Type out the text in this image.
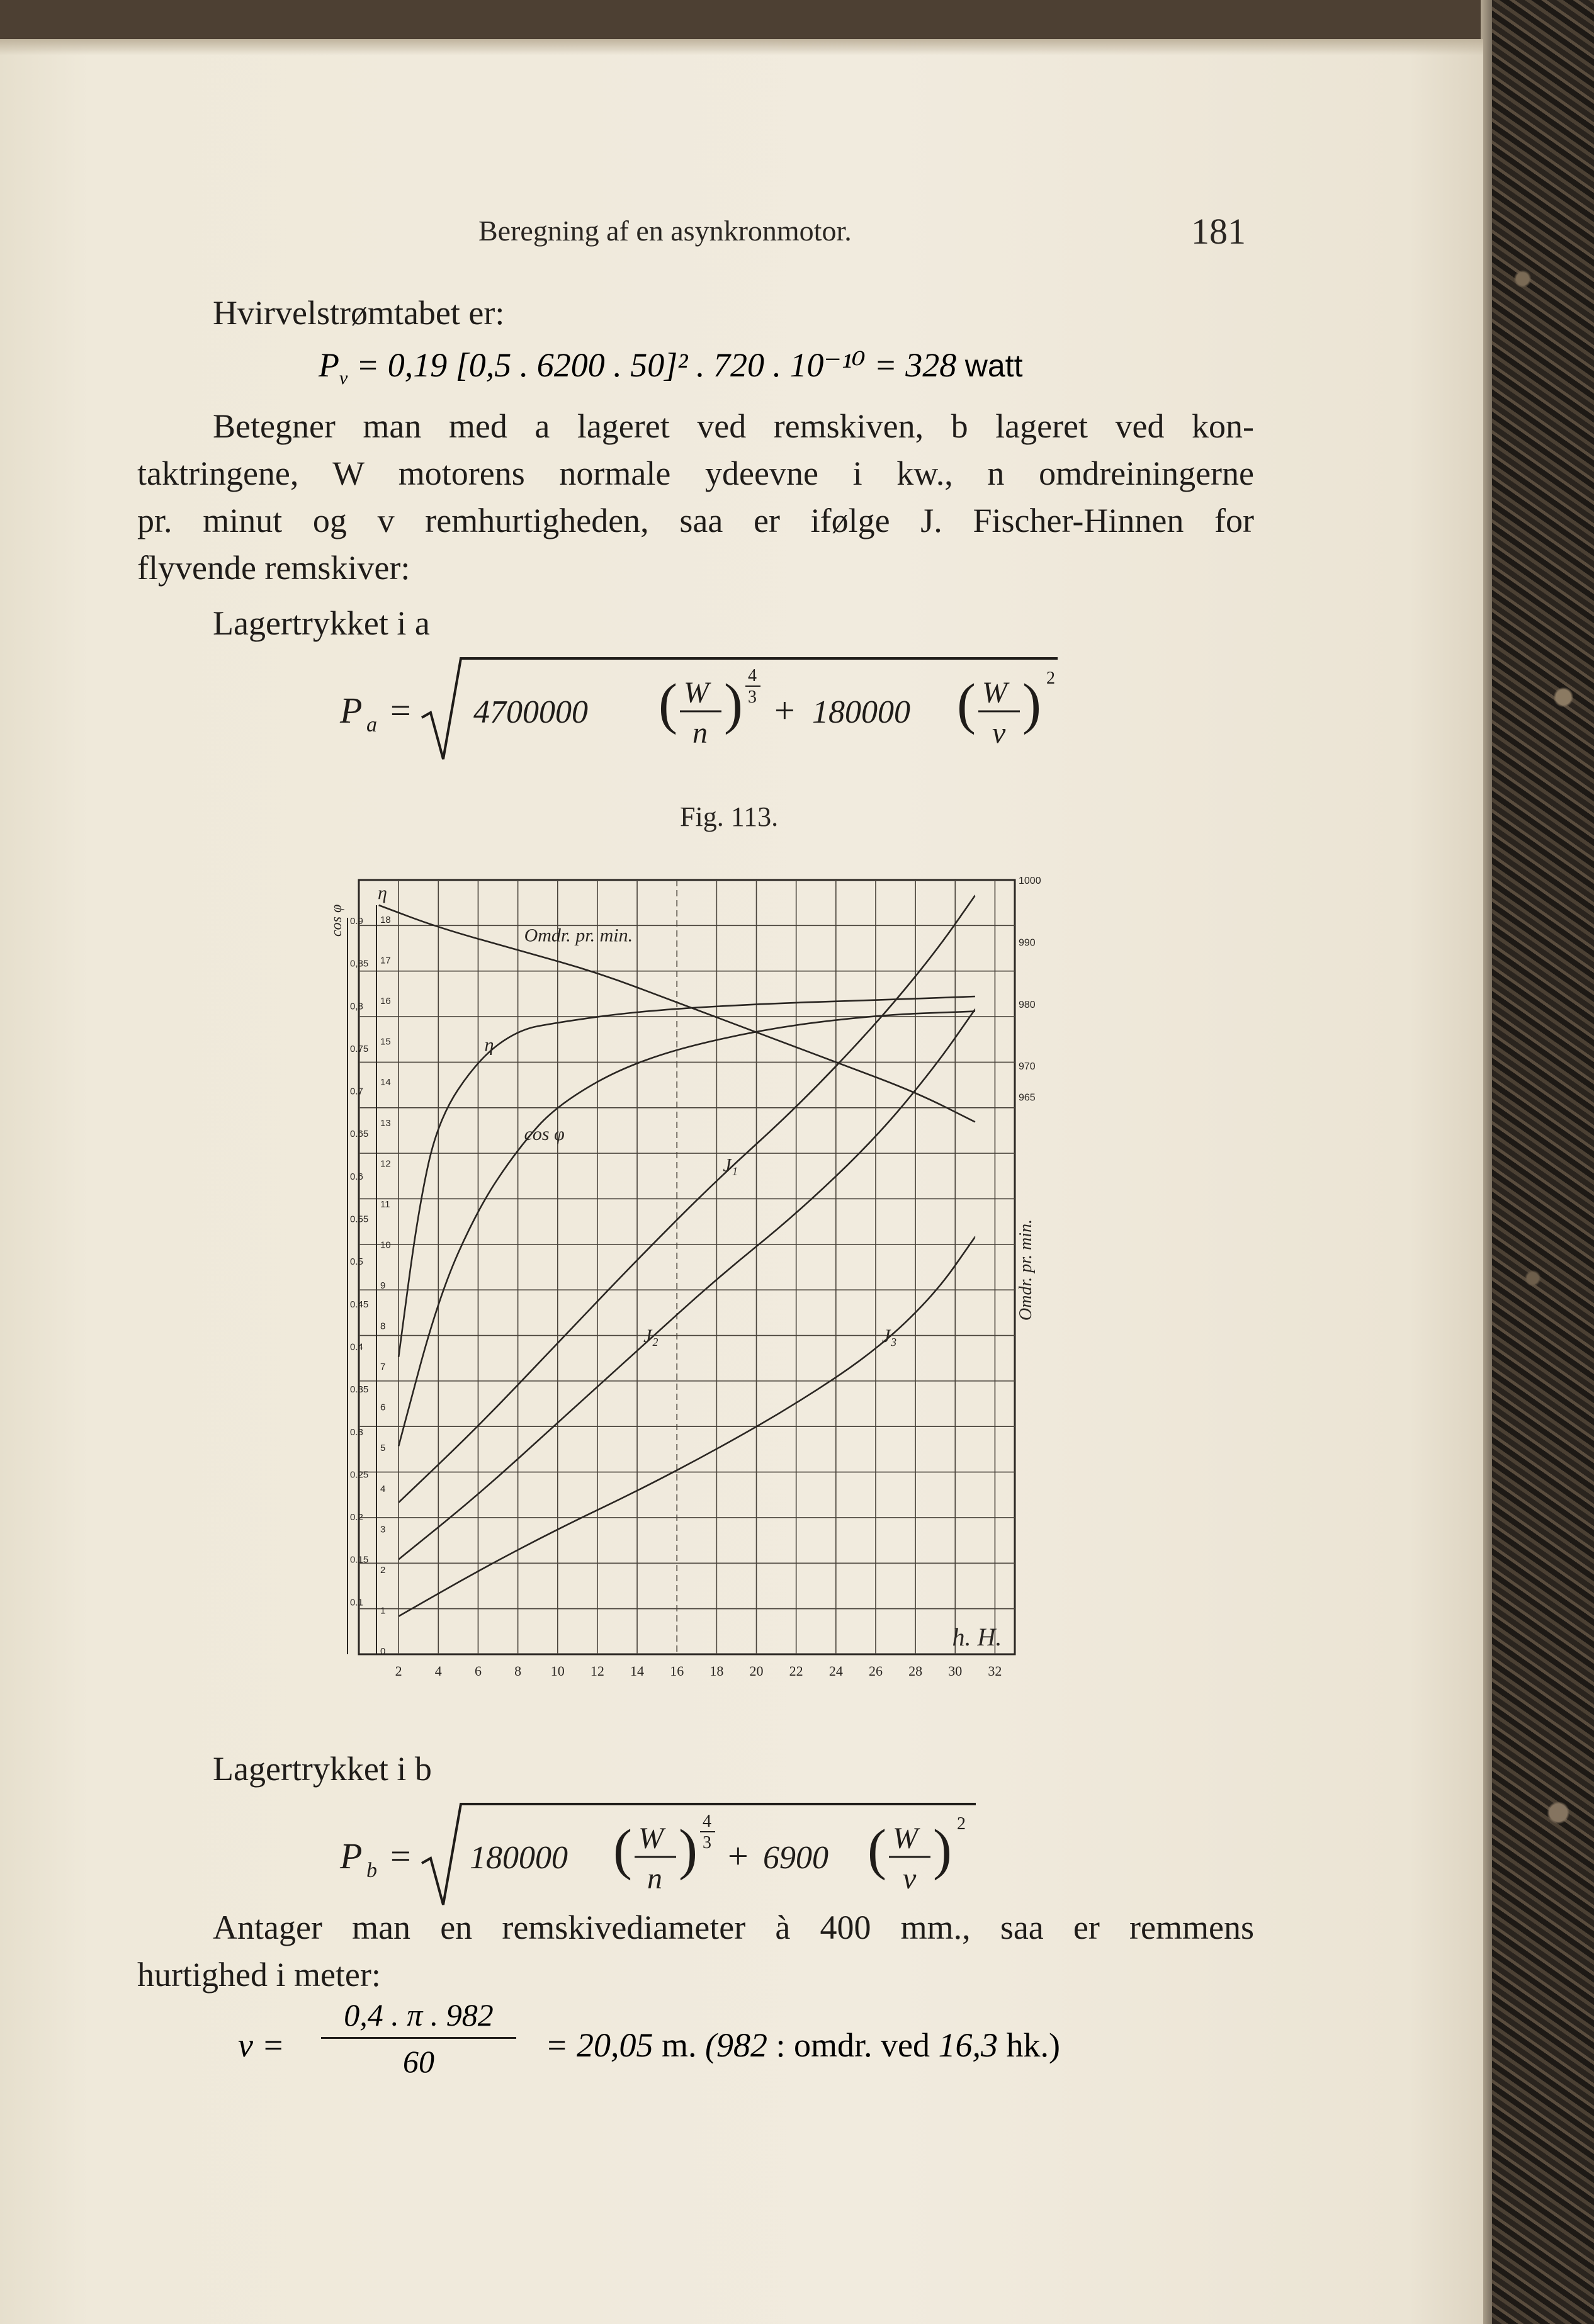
Beregning af en asynkronmotor.	181
Hvirvelstrømtabet er:
$P_v = 0,19$ [0,5 . 6200 . 50]² . 720 . 10⁻¹⁰ = 328 watt
Betegner man med a lageret ved remskiven, b lageret ved kon-
taktringene, W motorens normale ydeevne i kw., n omdreiningerne
pr. minut og v remhurtigheden, saa er ifølge J. Fischer-Hinnen for
flyvende remskiver:
Lagertrykket i a
P a = 4700000 ( W
n ) 4
3 + 180000 ( W
v ) 2
Fig. 113.
2 4 6 8 10 12 14 16 18 20 22 24 26 28 30 32
h. H.
0.9
0,85
0,8
0.75
0.7
0.65
0.6
0.55
0.5
0.45
0.4
0.35
0.3
0.25
0.2
0.15
0.1
cos φ	18
17
16
15
14
13
12
11
10
9
8
7
6
5
4
3
2
1
0
η
1000
990
980
970
965
Omdr. pr. min.
Omdr. pr. min.
η
cos φ
J₁
J₂	J₃
Lagertrykket i b
P b = 180000 ( W
n ) 4
3 + 6900 ( W
v ) 2
Antager man en remskivediameter à 400 mm., saa er remmens
hurtighed i meter:
v =
0,4 . π . 982
60	= 20,05 m. (982 : omdr. ved 16,3 hk.)
